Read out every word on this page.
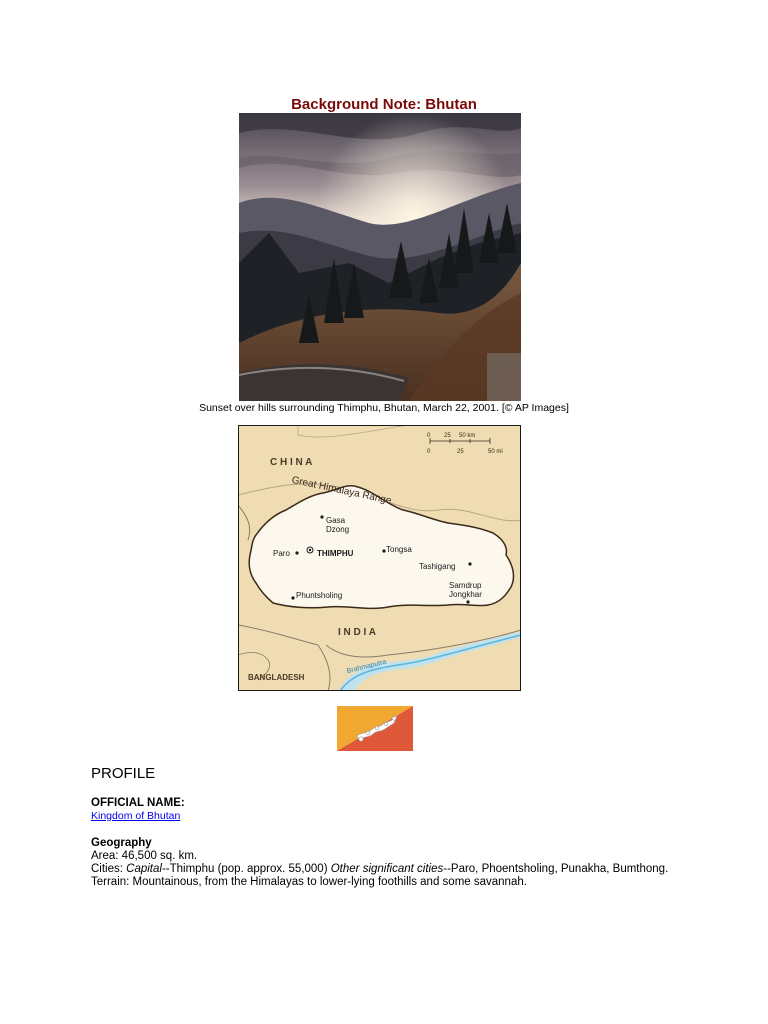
Background Note: Bhutan
Sunset over hills surrounding Thimphu, Bhutan, March 22, 2001. [© AP Images]
0 25 50 km
0	25	50 mi
C H I N A
I N D I A
BANGLADESH
Great Himalaya Range
Brahmaputra
Gasa
Dzong
Paro	THIMPHU	Tongsa
Tashigang
Samdrup
Jongkhar
Phuntsholing
PROFILE
OFFICIAL NAME:
Kingdom of Bhutan
Geography
Area: 46,500 sq. km.
Cities: Capital--Thimphu (pop. approx. 55,000) Other significant cities--Paro, Phoentsholing, Punakha, Bumthong.
Terrain: Mountainous, from the Himalayas to lower-lying foothills and some savannah.
